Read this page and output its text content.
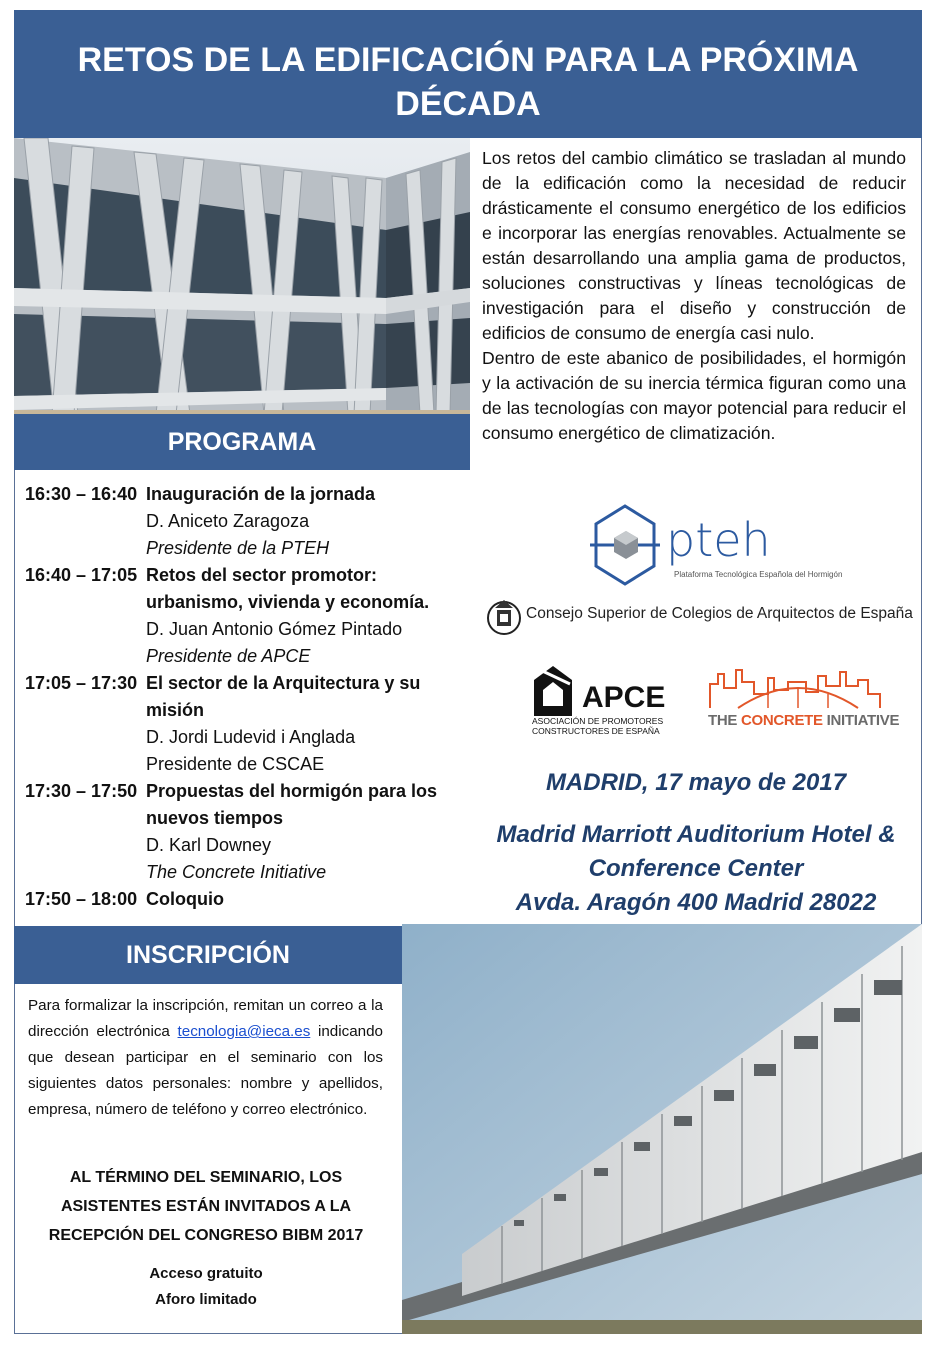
RETOS DE LA EDIFICACIÓN PARA LA PRÓXIMA
DÉCADA

Los retos del cambio climático se trasladan al mundo de la edificación como la necesidad de reducir drásticamente el consumo energético de los edificios e incorporar las energías renovables. Actualmente se están desarrollando una amplia gama de productos, soluciones constructivas y líneas tecnológicas de investigación para el diseño y construcción de edificios de consumo de energía casi nulo.

Dentro de este abanico de posibilidades, el hormigón y la activación de su inercia térmica figuran como una de las tecnologías con mayor potencial para reducir el consumo energético de climatización.

PROGRAMA
16:30 – 16:40 Inauguración de la jornada
D. Aniceto Zaragoza
Presidente de la PTEH
16:40 – 17:05 Retos del sector promotor: urbanismo, vivienda y economía.
D. Juan Antonio Gómez Pintado
Presidente de APCE
17:05 – 17:30 El sector de la Arquitectura y su misión
D. Jordi Ludevid i Anglada
Presidente de CSCAE
17:30 – 17:50 Propuestas del hormigón para los nuevos tiempos
D. Karl Downey
The Concrete Initiative
17:50 – 18:00 Coloquio
pteh
Plataforma Tecnológica Española del Hormigón
Consejo Superior de Colegios de Arquitectos de España
APCE
ASOCIACIÓN DE PROMOTORES
CONSTRUCTORES DE ESPAÑA
THE CONCRETE INITIATIVE
MADRID, 17 mayo de 2017
Madrid Marriott Auditorium Hotel &
Conference Center
Avda. Aragón 400 Madrid 28022
INSCRIPCIÓN
Para formalizar la inscripción, remitan un correo a la dirección electrónica tecnologia@ieca.es indicando que desean participar en el seminario con los siguientes datos personales: nombre y apellidos, empresa, número de teléfono y correo electrónico.
AL TÉRMINO DEL SEMINARIO, LOS
ASISTENTES ESTÁN INVITADOS A LA
RECEPCIÓN DEL CONGRESO BIBM 2017
Acceso gratuito
Aforo limitado
